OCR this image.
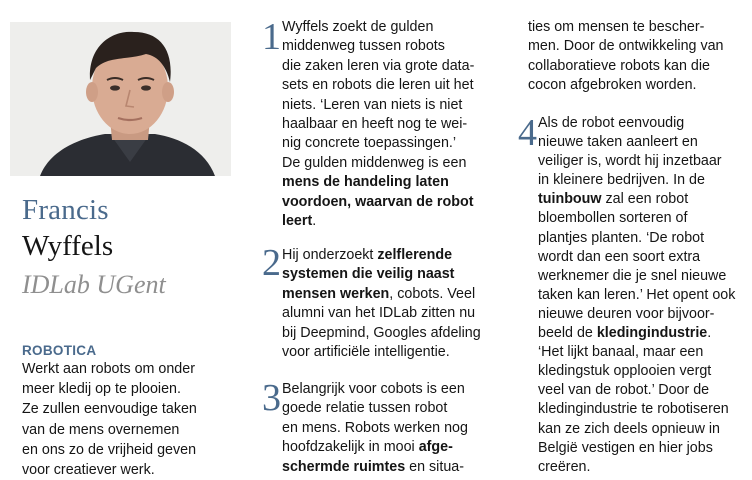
Francis
Wyffels
IDLab UGent
ROBOTICA
Werkt aan robots om onder
meer kledij op te plooien.
Ze zullen eenvoudige taken
van de mens overnemen
en ons zo de vrijheid geven
voor creatiever werk.
1
2
3
4
Wyffels zoekt de gulden
middenweg tussen robots
die zaken leren via grote data-
sets en robots die leren uit het
niets. ‘Leren van niets is niet
haalbaar en heeft nog te wei-
nig concrete toepassingen.’
De gulden middenweg is een
mens de handeling laten
voordoen, waarvan de robot
leert.
Hij onderzoekt zelflerende
systemen die veilig naast
mensen werken, cobots. Veel
alumni van het IDLab zitten nu
bij Deepmind, Googles afdeling
voor artificiële intelligentie.
Belangrijk voor cobots is een
goede relatie tussen robot
en mens. Robots werken nog
hoofdzakelijk in mooi afge-
schermde ruimtes en situa-
ties om mensen te bescher-
men. Door de ontwikkeling van
collaboratieve robots kan die
cocon afgebroken worden.
Als de robot eenvoudig
nieuwe taken aanleert en
veiliger is, wordt hij inzetbaar
in kleinere bedrijven. In de
tuinbouw zal een robot
bloembollen sorteren of
plantjes planten. ‘De robot
wordt dan een soort extra
werknemer die je snel nieuwe
taken kan leren.’ Het opent ook
nieuwe deuren voor bijvoor-
beeld de kledingindustrie.
‘Het lijkt banaal, maar een
kledingstuk opplooien vergt
veel van de robot.’ Door de
kledingindustrie te robotiseren
kan ze zich deels opnieuw in
België vestigen en hier jobs
creëren.
